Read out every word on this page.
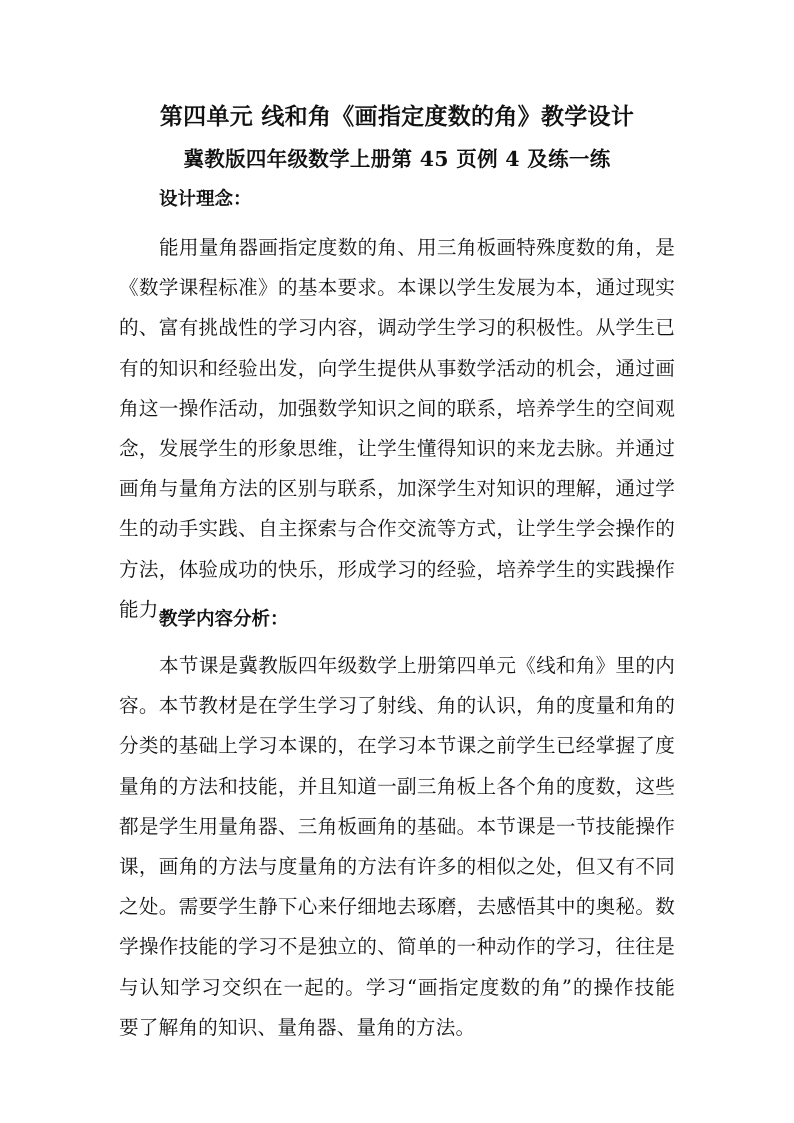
第四单元 线和角《画指定度数的角》教学设计
冀教版四年级数学上册第 45 页例 4 及练一练
设计理念：

能用量角器画指定度数的角、用三角板画特殊度数的角，是《数学课程标准》的基本要求。本课以学生发展为本，通过现实的、富有挑战性的学习内容，调动学生学习的积极性。从学生已有的知识和经验出发，向学生提供从事数学活动的机会，通过画角这一操作活动，加强数学知识之间的联系，培养学生的空间观念，发展学生的形象思维，让学生懂得知识的来龙去脉。并通过画角与量角方法的区别与联系，加深学生对知识的理解，通过学生的动手实践、自主探索与合作交流等方式，让学生学会操作的方法，体验成功的快乐，形成学习的经验，培养学生的实践操作能力。

教学内容分析：

本节课是冀教版四年级数学上册第四单元《线和角》里的内容。本节教材是在学生学习了射线、角的认识，角的度量和角的分类的基础上学习本课的，在学习本节课之前学生已经掌握了度量角的方法和技能，并且知道一副三角板上各个角的度数，这些都是学生用量角器、三角板画角的基础。本节课是一节技能操作课，画角的方法与度量角的方法有许多的相似之处，但又有不同之处。需要学生静下心来仔细地去琢磨，去感悟其中的奥秘。数学操作技能的学习不是独立的、简单的一种动作的学习，往往是与认知学习交织在一起的。学习“画指定度数的角”的操作技能 要了解角的知识、量角器、量角的方法。
